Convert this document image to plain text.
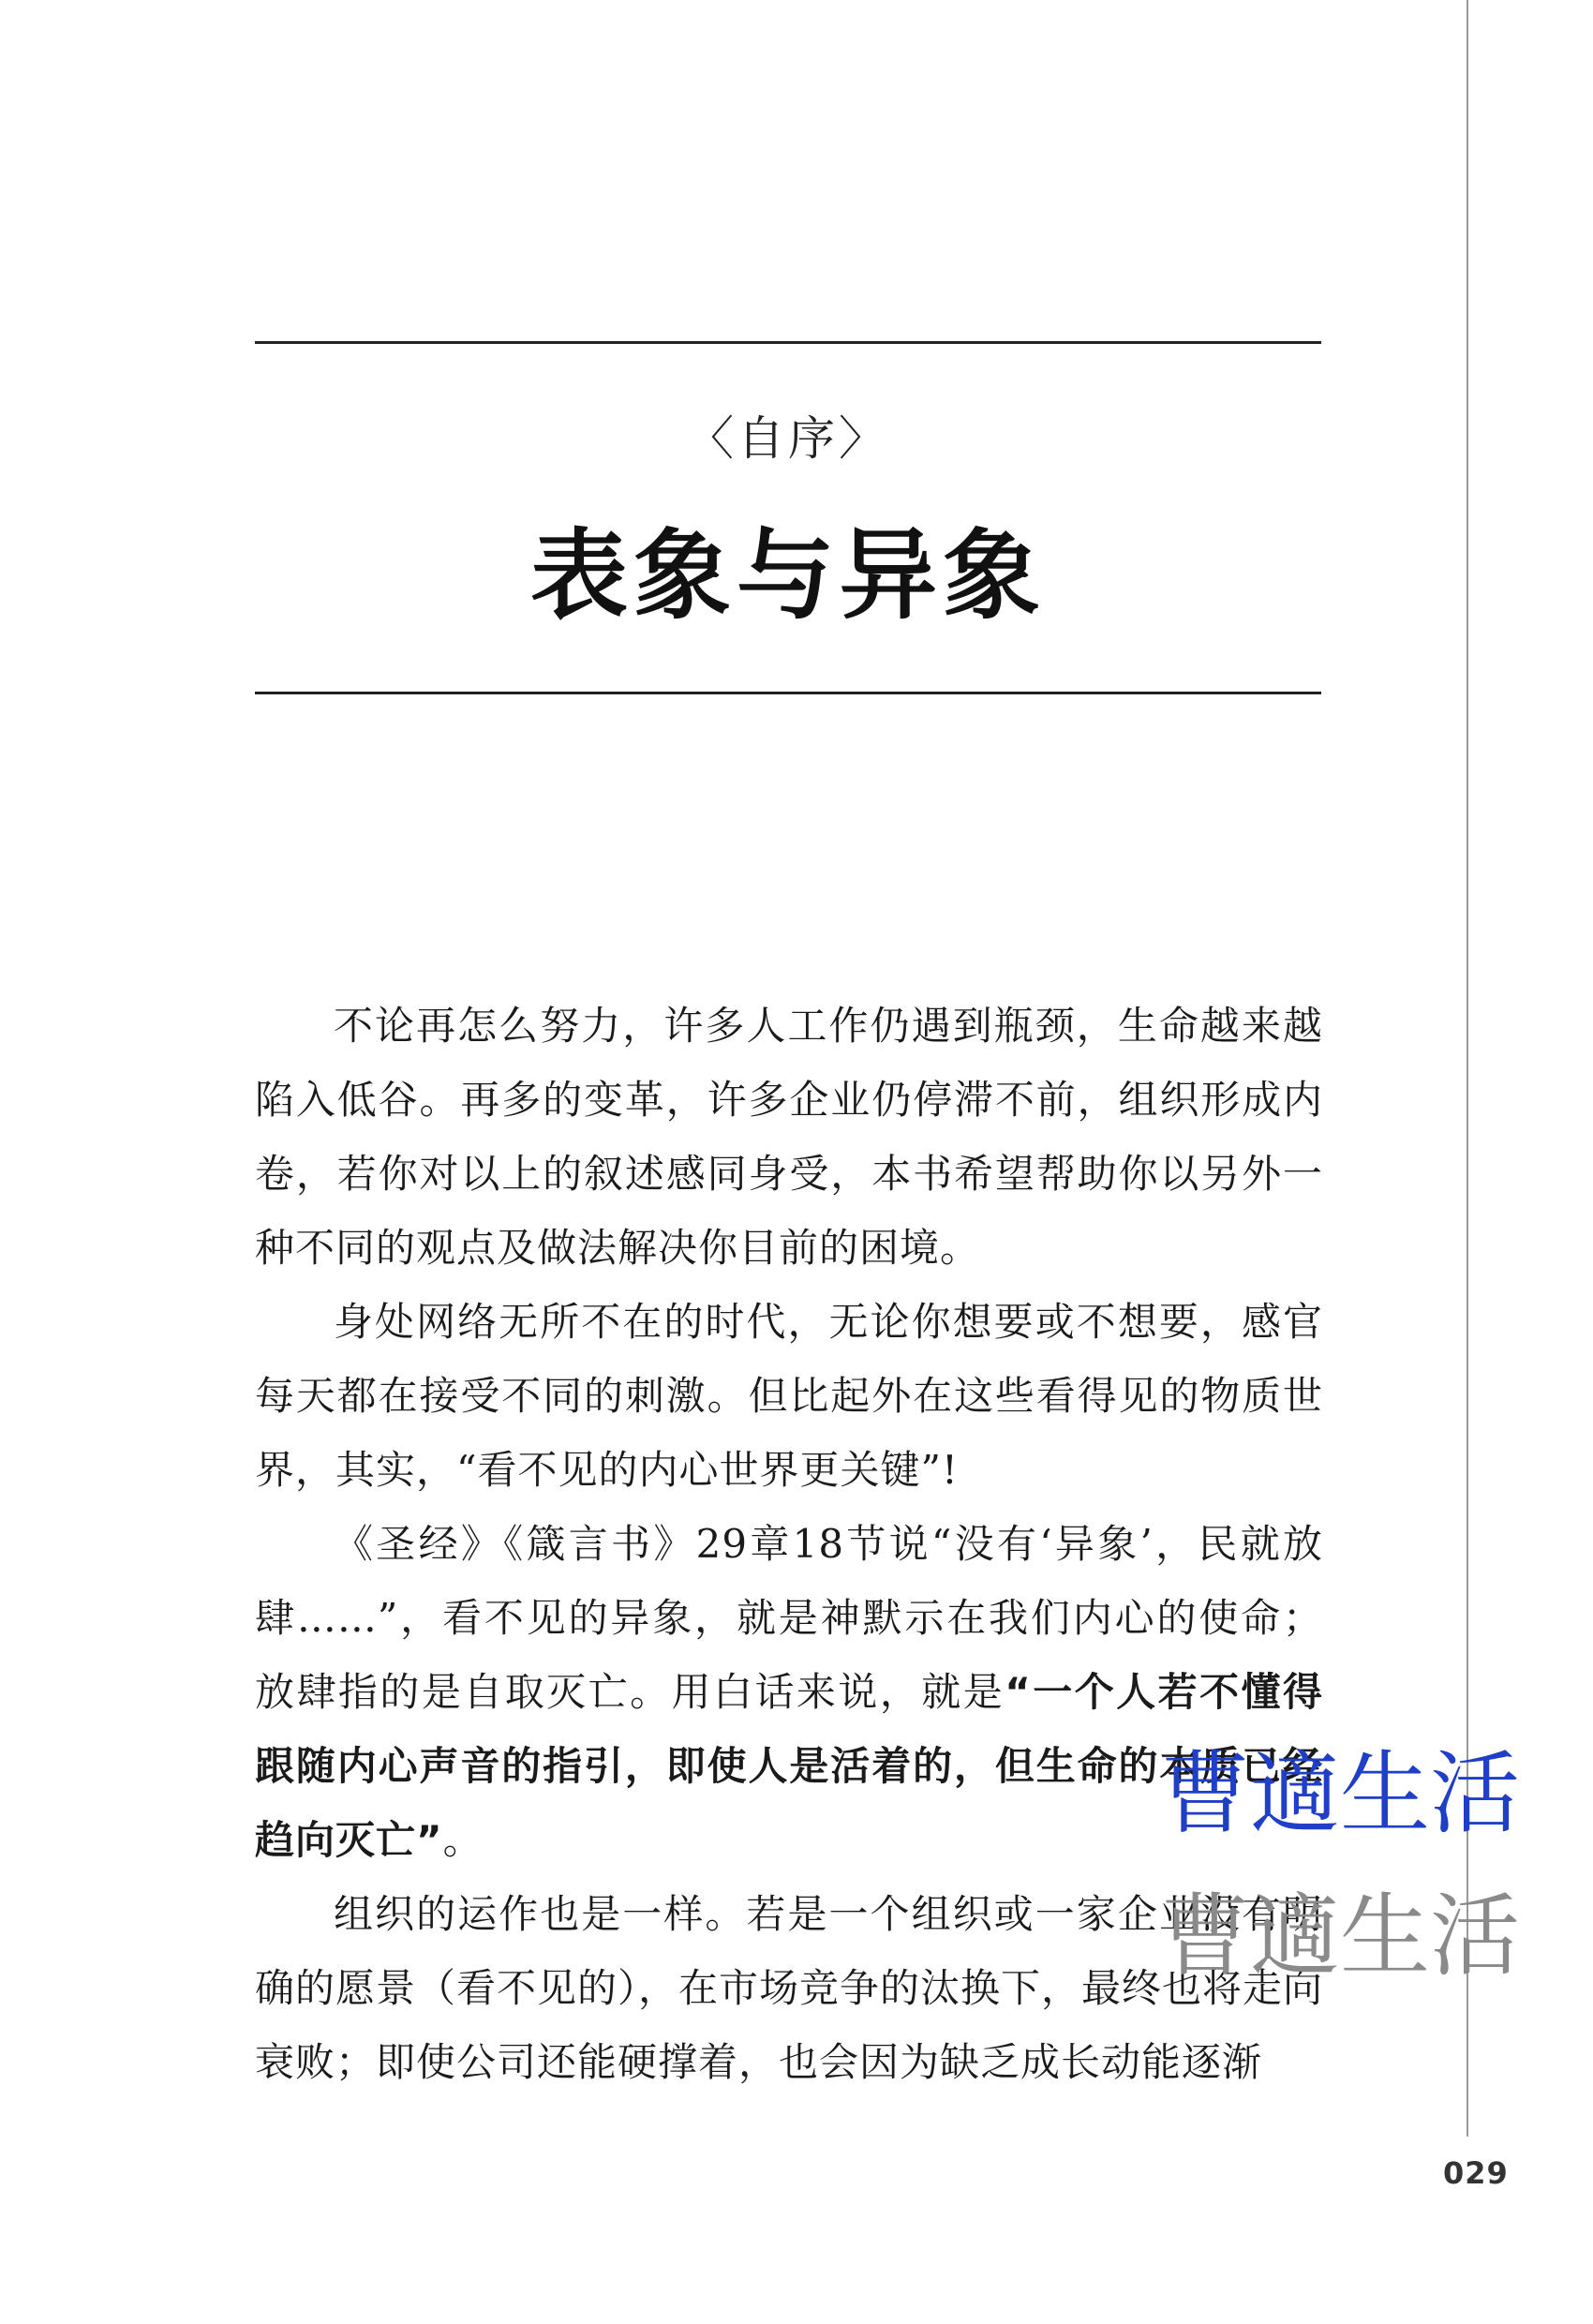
〈自序〉
表象与异象

不论再怎么努力，许多人工作仍遇到瓶颈，生命越来越陷入低谷。再多的变革，许多企业仍停滞不前，组织形成内卷，若你对以上的叙述感同身受，本书希望帮助你以另外一种不同的观点及做法解决你目前的困境。

身处网络无所不在的时代，无论你想要或不想要，感官每天都在接受不同的刺激。但比起外在这些看得见的物质世界，其实，“看不见的内心世界更关键”!

《圣经》《箴言书》29章18节说“没有‘异象’，民就放肆……”，看不见的异象，就是神默示在我们内心的使命；放肆指的是自取灭亡。用白话来说，就是“一个人若不懂得跟随内心声音的指引，即使人是活着的，但生命的本质已经趋向灭亡”。

组织的运作也是一样。若是一个组织或一家企业没有明确的愿景（看不见的），在市场竞争的汰换下，最终也将走向衰败；即使公司还能硬撑着，也会因为缺乏成长动能逐渐

曹適生活
曹適生活
029
